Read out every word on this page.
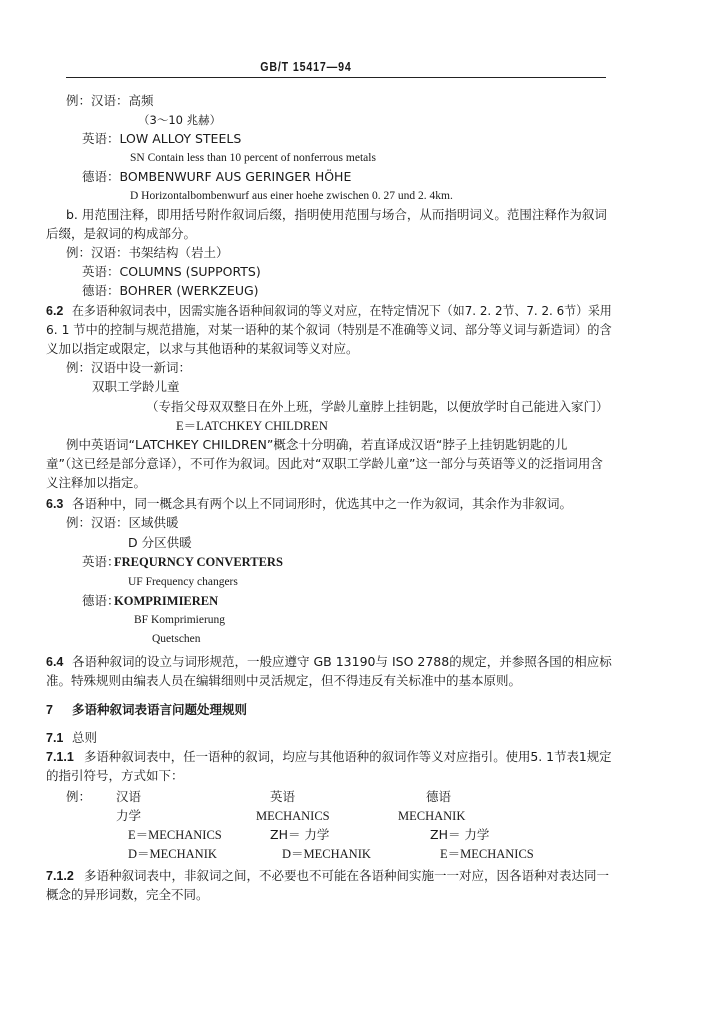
GB/T 15417—94
例：汉语：高频
（3～10 兆赫）
英语：LOW ALLOY STEELS
SN Contain less than 10 percent of nonferrous metals
德语：BOMBENWURF AUS GERINGER HÖHE
D Horizontalbombenwurf aus einer hoehe zwischen 0. 27 und 2. 4km.
b. 用范围注释，即用括号附作叙词后缀，指明使用范围与场合，从而指明词义。范围注释作为叙词
后缀，是叙词的构成部分。
例：汉语：书架结构（岩土）
英语：COLUMNS (SUPPORTS)
德语：BOHRER (WERKZEUG)
6.2 在多语种叙词表中，因需实施各语种间叙词的等义对应，在特定情况下（如7. 2. 2节、7. 2. 6节）采用
6. 1 节中的控制与规范措施，对某一语种的某个叙词（特别是不准确等义词、部分等义词与新造词）的含
义加以指定或限定，以求与其他语种的某叙词等义对应。
例：汉语中设一新词：
双职工学龄儿童
（专指父母双双整日在外上班，学龄儿童脖上挂钥匙，以便放学时自己能进入家门）
E＝LATCHKEY CHILDREN
例中英语词“LATCHKEY CHILDREN”概念十分明确，若直译成汉语“脖子上挂钥匙钥匙的儿
童”（这已经是部分意译），不可作为叙词。因此对“双职工学龄儿童”这一部分与英语等义的泛指词用含
义注释加以指定。
6.3 各语种中，同一概念具有两个以上不同词形时，优选其中之一作为叙词，其余作为非叙词。
例：汉语：区域供暖
D 分区供暖
英语：
FREQURNCY CONVERTERS
UF Frequency changers
德语：
KOMPRIMIEREN
BF Komprimierung
Quetschen
6.4 各语种叙词的设立与词形规范，一般应遵守 GB 13190与 ISO 2788的规定，并参照各国的相应标
准。特殊规则由编表人员在编辑细则中灵活规定，但不得违反有关标准中的基本原则。
7 多语种叙词表语言问题处理规则
7.1 总则
7.1.1 多语种叙词表中，任一语种的叙词，均应与其他语种的叙词作等义对应指引。使用5. 1节表1规定
的指引符号，方式如下：
例： 汉语	英语	德语
力学	MECHANICS	MECHANIK
E＝MECHANICS	ZH＝ 力学	ZH＝ 力学
D＝MECHANIK	D＝MECHANIK	E＝MECHANICS
7.1.2 多语种叙词表中，非叙词之间，不必要也不可能在各语种间实施一一对应，因各语种对表达同一
概念的异形词数，完全不同。
